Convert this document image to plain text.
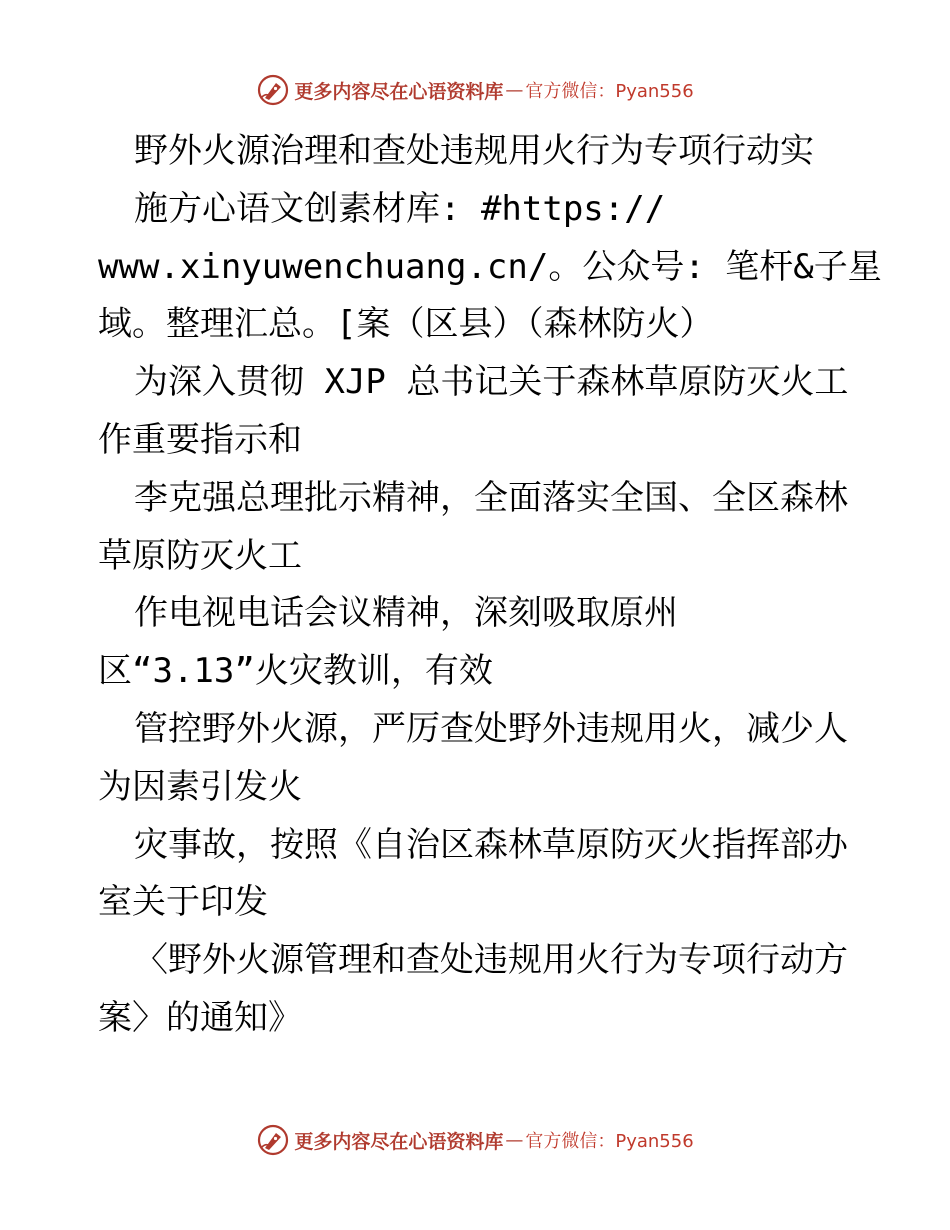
更多内容尽在心语资料库 — 官方微信：Pyan556
野外火源治理和查处违规用火行为专项行动实
施方心语文创素材库: #https://
www.xinyuwenchuang.cn/。公众号: 笔杆&子星
域。整理汇总。[案（区县）（森林防火）
为深入贯彻 XJP 总书记关于森林草原防灭火工
作重要指示和
李克强总理批示精神，全面落实全国、全区森林
草原防灭火工
作电视电话会议精神，深刻吸取原州
区“3.13”火灾教训，有效
管控野外火源，严厉查处野外违规用火，减少人
为因素引发火
灾事故，按照《自治区森林草原防灭火指挥部办
室关于印发
〈野外火源管理和查处违规用火行为专项行动方
案〉的通知》
更多内容尽在心语资料库 — 官方微信：Pyan556
